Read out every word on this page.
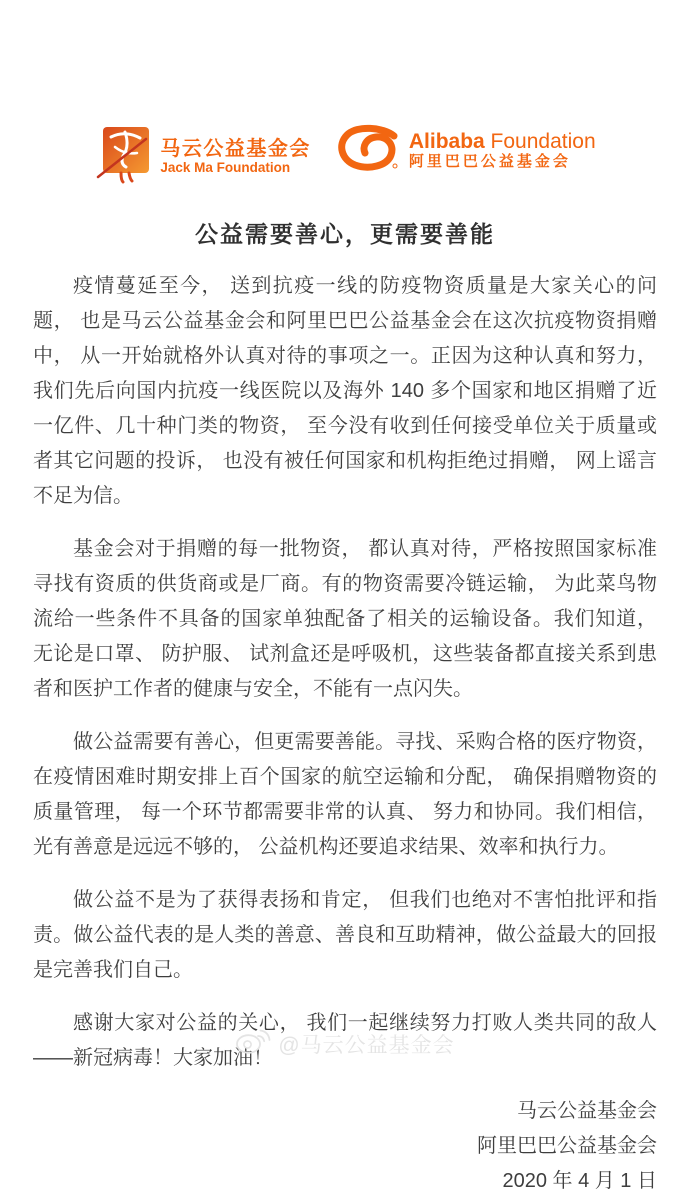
马云公益基金会
Jack Ma Foundation
Alibaba Foundation
阿里巴巴公益基金会
公益需要善心，更需要善能

疫情蔓延至今， 送到抗疫一线的防疫物资质量是大家关心的问题， 也是马云公益基金会和阿里巴巴公益基金会在这次抗疫物资捐赠中， 从一开始就格外认真对待的事项之一。正因为这种认真和努力， 我们先后向国内抗疫一线医院以及海外 140 多个国家和地区捐赠了近一亿件、几十种门类的物资， 至今没有收到任何接受单位关于质量或者其它问题的投诉， 也没有被任何国家和机构拒绝过捐赠， 网上谣言不足为信。

基金会对于捐赠的每一批物资， 都认真对待，严格按照国家标准寻找有资质的供货商或是厂商。有的物资需要冷链运输， 为此菜鸟物流给一些条件不具备的国家单独配备了相关的运输设备。我们知道， 无论是口罩、 防护服、 试剂盒还是呼吸机，这些装备都直接关系到患者和医护工作者的健康与安全，不能有一点闪失。

做公益需要有善心，但更需要善能。寻找、采购合格的医疗物资， 在疫情困难时期安排上百个国家的航空运输和分配， 确保捐赠物资的质量管理， 每一个环节都需要非常的认真、 努力和协同。我们相信， 光有善意是远远不够的， 公益机构还要追求结果、效率和执行力。

做公益不是为了获得表扬和肯定， 但我们也绝对不害怕批评和指责。做公益代表的是人类的善意、善良和互助精神，做公益最大的回报是完善我们自己。

感谢大家对公益的关心， 我们一起继续努力打败人类共同的敌人——新冠病毒！大家加油！

马云公益基金会
阿里巴巴公益基金会
2020 年 4 月 1 日
@马云公益基金会
